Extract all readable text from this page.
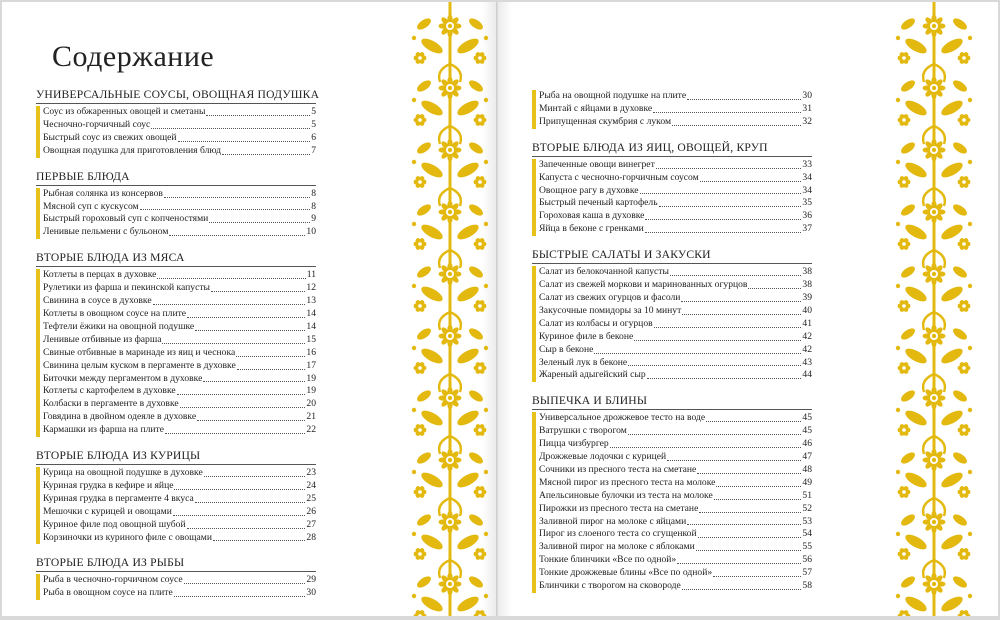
Содержание
УНИВЕРСАЛЬНЫЕ СОУСЫ, ОВОЩНАЯ ПОДУШКА
Соус из обжаренных овощей и сметаны	5
Чесночно-горчичный соус	5
Быстрый соус из свежих овощей	6
Овощная подушка для приготовления блюд	7
ПЕРВЫЕ БЛЮДА
Рыбная солянка из консервов	8
Мясной суп с кускусом	8
Быстрый гороховый суп с копченостями	9
Ленивые пельмени с бульоном	10
ВТОРЫЕ БЛЮДА ИЗ МЯСА
Котлеты в перцах в духовке	11
Рулетики из фарша и пекинской капусты	12
Свинина в соусе в духовке	13
Котлеты в овощном соусе на плите	14
Тефтели ёжики на овощной подушке	14
Ленивые отбивные из фарша	15
Свиные отбивные в маринаде из яиц и чеснока	16
Свинина целым куском в пергаменте в духовке	17
Биточки между пергаментом в духовке	19
Котлеты с картофелем в духовке	19
Колбаски в пергаменте в духовке	20
Говядина в двойном одеяле в духовке	21
Кармашки из фарша на плите	22
ВТОРЫЕ БЛЮДА ИЗ КУРИЦЫ
Курица на овощной подушке в духовке	23
Куриная грудка в кефире и яйце	24
Куриная грудка в пергаменте 4 вкуса	25
Мешочки с курицей и овощами	26
Куриное филе под овощной шубой	27
Корзиночки из куриного филе с овощами	28
ВТОРЫЕ БЛЮДА ИЗ РЫБЫ
Рыба в чесночно-горчичном соусе	29
Рыба в овощном соусе на плите	30
Рыба на овощной подушке на плите	30
Минтай с яйцами в духовке	31
Припущенная скумбрия с луком	32
ВТОРЫЕ БЛЮДА ИЗ ЯИЦ, ОВОЩЕЙ, КРУП
Запеченные овощи винегрет	33
Капуста с чесночно-горчичным соусом	34
Овощное рагу в духовке	34
Быстрый печеный картофель	35
Гороховая каша в духовке	36
Яйца в беконе с гренками	37
БЫСТРЫЕ САЛАТЫ И ЗАКУСКИ
Салат из белокочанной капусты	38
Салат из свежей моркови и маринованных огурцов	38
Салат из свежих огурцов и фасоли	39
Закусочные помидоры за 10 минут	40
Салат из колбасы и огурцов	41
Куриное филе в беконе	42
Сыр в беконе	42
Зеленый лук в беконе	43
Жареный адыгейский сыр	44
ВЫПЕЧКА И БЛИНЫ
Универсальное дрожжевое тесто на воде	45
Ватрушки с творогом	45
Пицца чизбургер	46
Дрожжевые лодочки с курицей	47
Сочники из пресного теста на сметане	48
Мясной пирог из пресного теста на молоке	49
Апельсиновые булочки из теста на молоке	51
Пирожки из пресного теста на сметане	52
Заливной пирог на молоке с яйцами	53
Пирог из слоеного теста со сгущенкой	54
Заливной пирог на молоке с яблоками	55
Тонкие блинчики «Все по одной»	56
Тонкие дрожжевые блины «Все по одной»	57
Блинчики с творогом на сковороде	58
